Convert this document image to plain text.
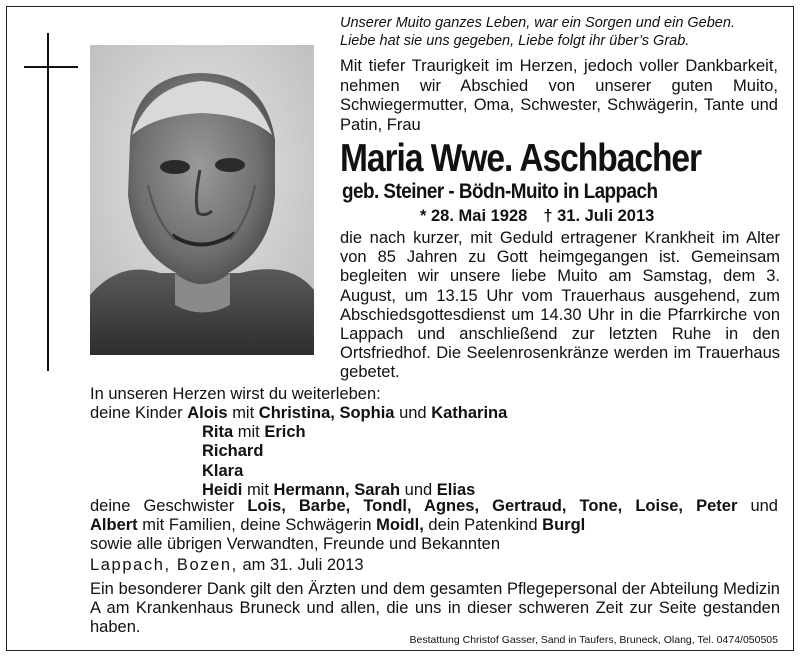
Unserer Muito ganzes Leben, war ein Sorgen und ein Geben.
Liebe hat sie uns gegeben, Liebe folgt ihr über’s Grab.
Mit tiefer Traurigkeit im Herzen, jedoch voller Dankbarkeit, nehmen wir Abschied von unserer guten Muito, Schwiegermutter, Oma, Schwester, Schwägerin, Tante und Patin, Frau
Maria Wwe. Aschbacher
geb. Steiner - Bödn-Muito in Lappach
* 28. Mai 1928 † 31. Juli 2013
die nach kurzer, mit Geduld ertragener Krankheit im Alter von 85 Jahren zu Gott heimgegangen ist. Gemeinsam begleiten wir unsere liebe Muito am Samstag, dem 3. August, um 13.15 Uhr vom Trauerhaus ausgehend, zum Abschiedsgottesdienst um 14.30 Uhr in die Pfarrkirche von Lappach und anschließend zur letzten Ruhe in den Ortsfriedhof. Die Seelenrosenkränze werden im Trauerhaus gebetet.
In unseren Herzen wirst du weiterleben:
deine Kinder Alois mit Christina, Sophia und Katharina
Rita mit Erich
Richard
Klara
Heidi mit Hermann, Sarah und Elias
deine Geschwister Lois, Barbe, Tondl, Agnes, Gertraud, Tone, Loise, Peter und
Albert mit Familien, deine Schwägerin Moidl, dein Patenkind Burgl
sowie alle übrigen Verwandten, Freunde und Bekannten
Lappach, Bozen, am 31. Juli 2013
Ein besonderer Dank gilt den Ärzten und dem gesamten Pflegepersonal der Abteilung Medizin A am Krankenhaus Bruneck und allen, die uns in dieser schweren Zeit zur Seite gestanden haben.
Bestattung Christof Gasser, Sand in Taufers, Bruneck, Olang, Tel. 0474/050505
